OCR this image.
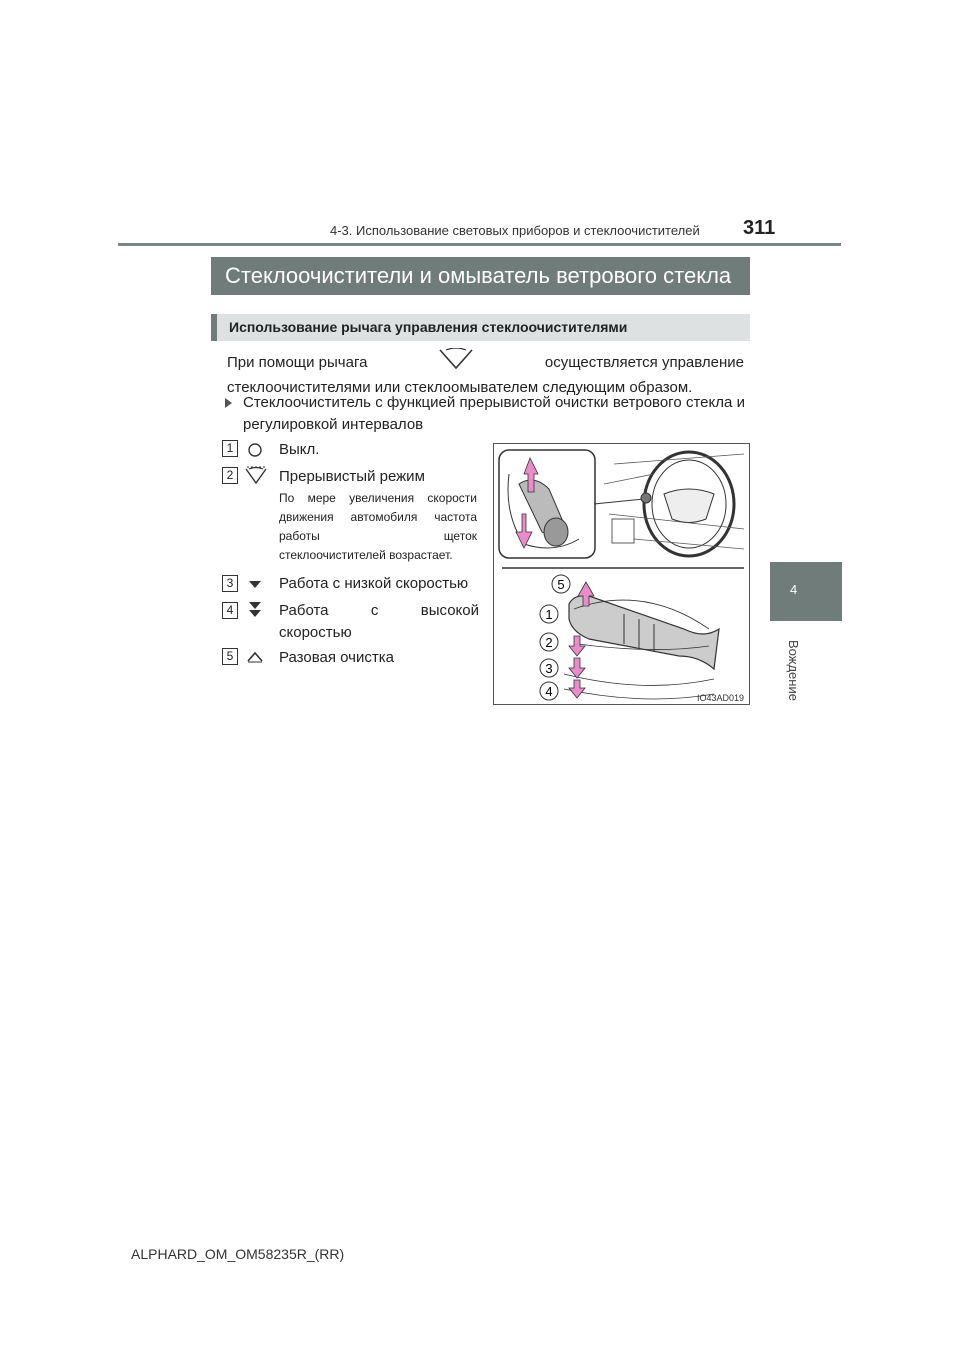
4-3. Использование световых приборов и стеклоочистителей 311
4
Вождение
Стеклоочистители и омыватель ветрового стекла
Использование рычага управления стеклоочистителями
При помощи рычага	осуществляется управление
стеклоочистителями или стеклоомывателем следующим образом.
Стеклоочиститель с функцией прерывистой очистки ветрового стекла и регулировкой интервалов
1	Выкл.
2	Прерывистый режим
По мере увеличения скорости
движения автомобиля частота
работы щеток
стеклоочистителей возрастает.
3	Работа с низкой скоростью
4	Работа с высокой скоростью
5	Разовая очистка
5
1
2
3
4	IO43AD019
ALPHARD_OM_OM58235R_(RR)
